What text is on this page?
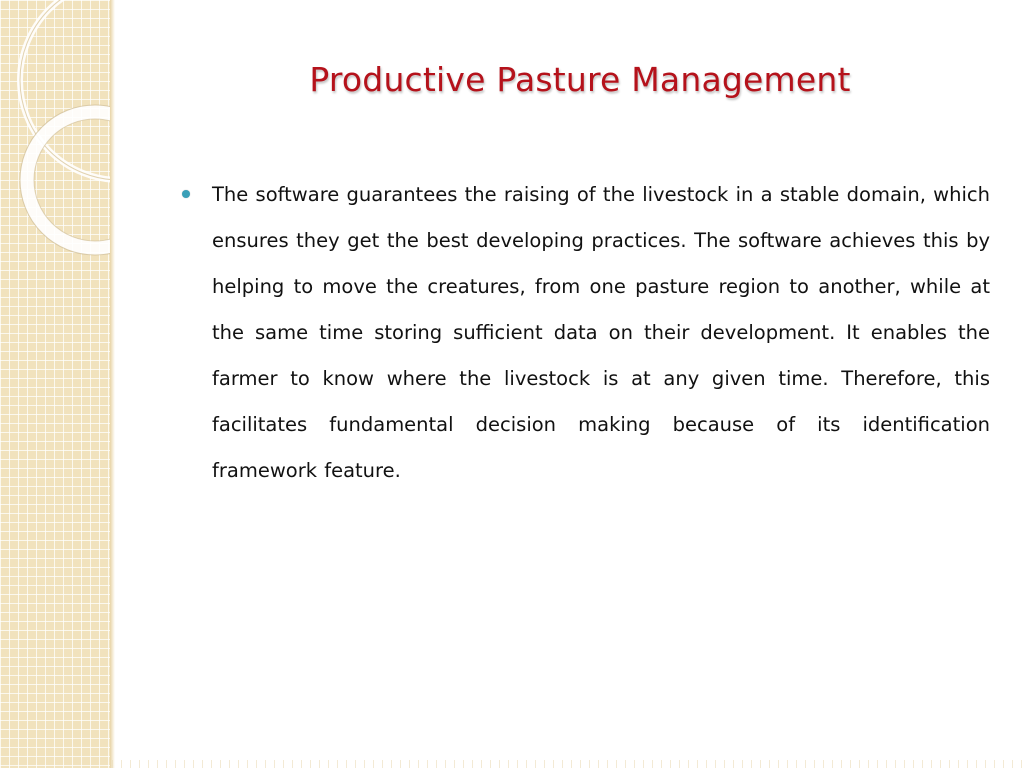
Productive Pasture Management
The software guarantees the raising of the livestock in a stable domain, which ensures they get the best developing practices. The software achieves this by helping to move the creatures, from one pasture region to another, while at the same time storing sufficient data on their development. It enables the farmer to know where the livestock is at any given time. Therefore, this facilitates fundamental decision making because of its identification framework feature.
